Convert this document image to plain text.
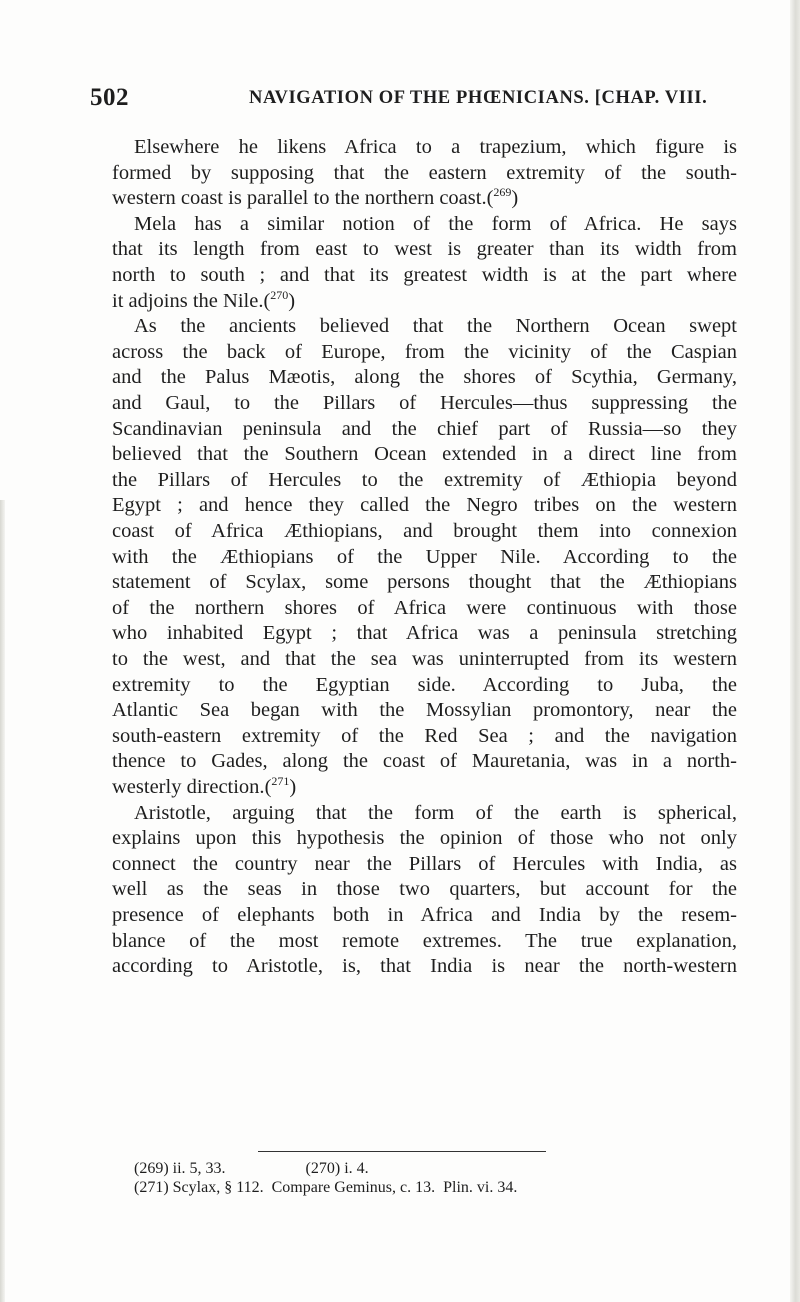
502	NAVIGATION OF THE PHŒNICIANS. [CHAP. VIII.
Elsewhere he likens Africa to a trapezium, which figure is
formed by supposing that the eastern extremity of the south-
western coast is parallel to the northern coast.($^{269}$)
Mela has a similar notion of the form of Africa. He says
that its length from east to west is greater than its width from
north to south ; and that its greatest width is at the part where
it adjoins the Nile.($^{270}$)
As the ancients believed that the Northern Ocean swept
across the back of Europe, from the vicinity of the Caspian
and the Palus Mæotis, along the shores of Scythia, Germany,
and Gaul, to the Pillars of Hercules—thus suppressing the
Scandinavian peninsula and the chief part of Russia—so they
believed that the Southern Ocean extended in a direct line from
the Pillars of Hercules to the extremity of Æthiopia beyond
Egypt ; and hence they called the Negro tribes on the western
coast of Africa Æthiopians, and brought them into connexion
with the Æthiopians of the Upper Nile. According to the
statement of Scylax, some persons thought that the Æthiopians
of the northern shores of Africa were continuous with those
who inhabited Egypt ; that Africa was a peninsula stretching
to the west, and that the sea was uninterrupted from its western
extremity to the Egyptian side. According to Juba, the
Atlantic Sea began with the Mossylian promontory, near the
south-eastern extremity of the Red Sea ; and the navigation
thence to Gades, along the coast of Mauretania, was in a north-
westerly direction.($^{271}$)
Aristotle, arguing that the form of the earth is spherical,
explains upon this hypothesis the opinion of those who not only
connect the country near the Pillars of Hercules with India, as
well as the seas in those two quarters, but account for the
presence of elephants both in Africa and India by the resem-
blance of the most remote extremes. The true explanation,
according to Aristotle, is, that India is near the north-western
(269) ii. 5, 33.                    (270) i. 4.
(271) Scylax, § 112.  Compare Geminus, c. 13.  Plin. vi. 34.
